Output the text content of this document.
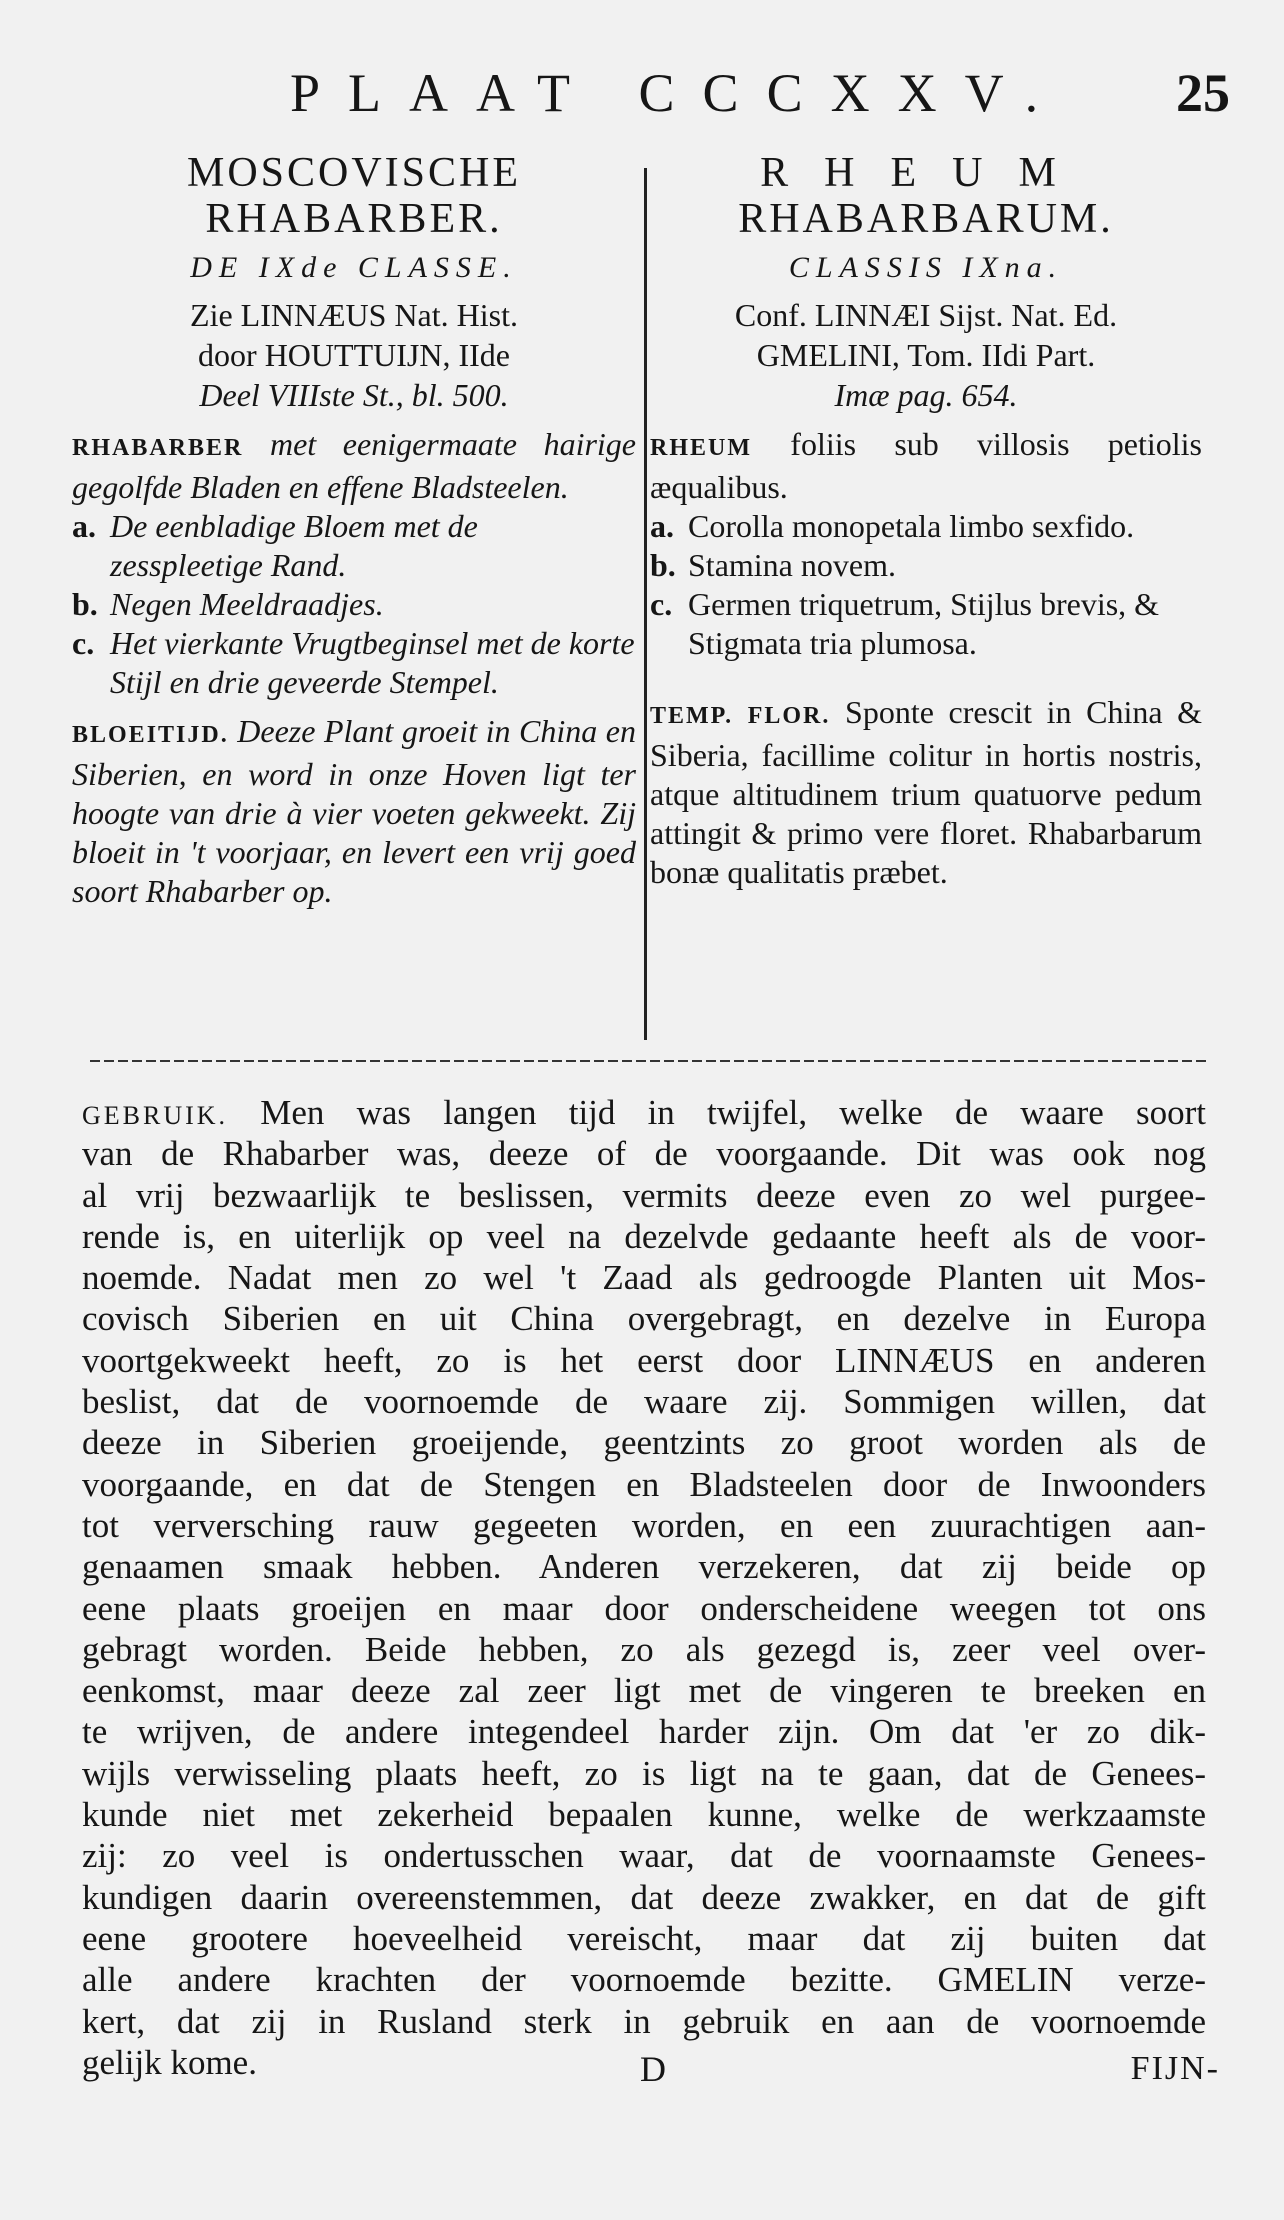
PLAAT CCCXXV. 25
MOSCOVISCHE
RHABARBER.
DE IXde CLASSE.
Zie LINNÆUS Nat. Hist.
door HOUTTUIJN, IIde
Deel VIIIste St., bl. 500.
RHABARBER met eenigermaate hairige gegolfde Bladen en effene Bladsteelen.
a. De eenbladige Bloem met de zesspleetige Rand.
b. Negen Meeldraadjes.
c. Het vierkante Vrugtbeginsel met de korte Stijl en drie geveerde Stempel.
BLOEITIJD. Deeze Plant groeit in China en Siberien, en word in onze Hoven ligt ter hoogte van drie à vier voeten gekweekt. Zij bloeit in 't voorjaar, en levert een vrij goed soort Rhabarber op.
RHEUM
RHABARBARUM.
CLASSIS IXna.
Conf. LINNÆI Sijst. Nat. Ed.
GMELINI, Tom. IIdi Part.
Imæ pag. 654.
RHEUM foliis sub villosis petiolis æqualibus.
a. Corolla monopetala limbo sexfido.
b. Stamina novem.
c. Germen triquetrum, Stijlus brevis, & Stigmata tria plumosa.
TEMP. FLOR. Sponte crescit in China & Siberia, facillime colitur in hortis nostris, atque altitudinem trium quatuorve pedum attingit & primo vere floret. Rhabarbarum bonæ qualitatis præbet.
GEBRUIK. Men was langen tijd in twijfel, welke de waare soort
van de Rhabarber was, deeze of de voorgaande. Dit was ook nog
al vrij bezwaarlijk te beslissen, vermits deeze even zo wel purgee-
rende is, en uiterlijk op veel na dezelvde gedaante heeft als de voor-
noemde. Nadat men zo wel 't Zaad als gedroogde Planten uit Mos-
covisch Siberien en uit China overgebragt, en dezelve in Europa
voortgekweekt heeft, zo is het eerst door LINNÆUS en anderen
beslist, dat de voornoemde de waare zij. Sommigen willen, dat
deeze in Siberien groeijende, geentzints zo groot worden als de
voorgaande, en dat de Stengen en Bladsteelen door de Inwoonders
tot verversching rauw gegeeten worden, en een zuurachtigen aan-
genaamen smaak hebben. Anderen verzekeren, dat zij beide op
eene plaats groeijen en maar door onderscheidene weegen tot ons
gebragt worden. Beide hebben, zo als gezegd is, zeer veel over-
eenkomst, maar deeze zal zeer ligt met de vingeren te breeken en
te wrijven, de andere integendeel harder zijn. Om dat 'er zo dik-
wijls verwisseling plaats heeft, zo is ligt na te gaan, dat de Genees-
kunde niet met zekerheid bepaalen kunne, welke de werkzaamste
zij: zo veel is ondertusschen waar, dat de voornaamste Genees-
kundigen daarin overeenstemmen, dat deeze zwakker, en dat de gift
eene grootere hoeveelheid vereischt, maar dat zij buiten dat
alle andere krachten der voornoemde bezitte. GMELIN verze-
kert, dat zij in Rusland sterk in gebruik en aan de voornoemde
gelijk kome.	D	FIJN-
